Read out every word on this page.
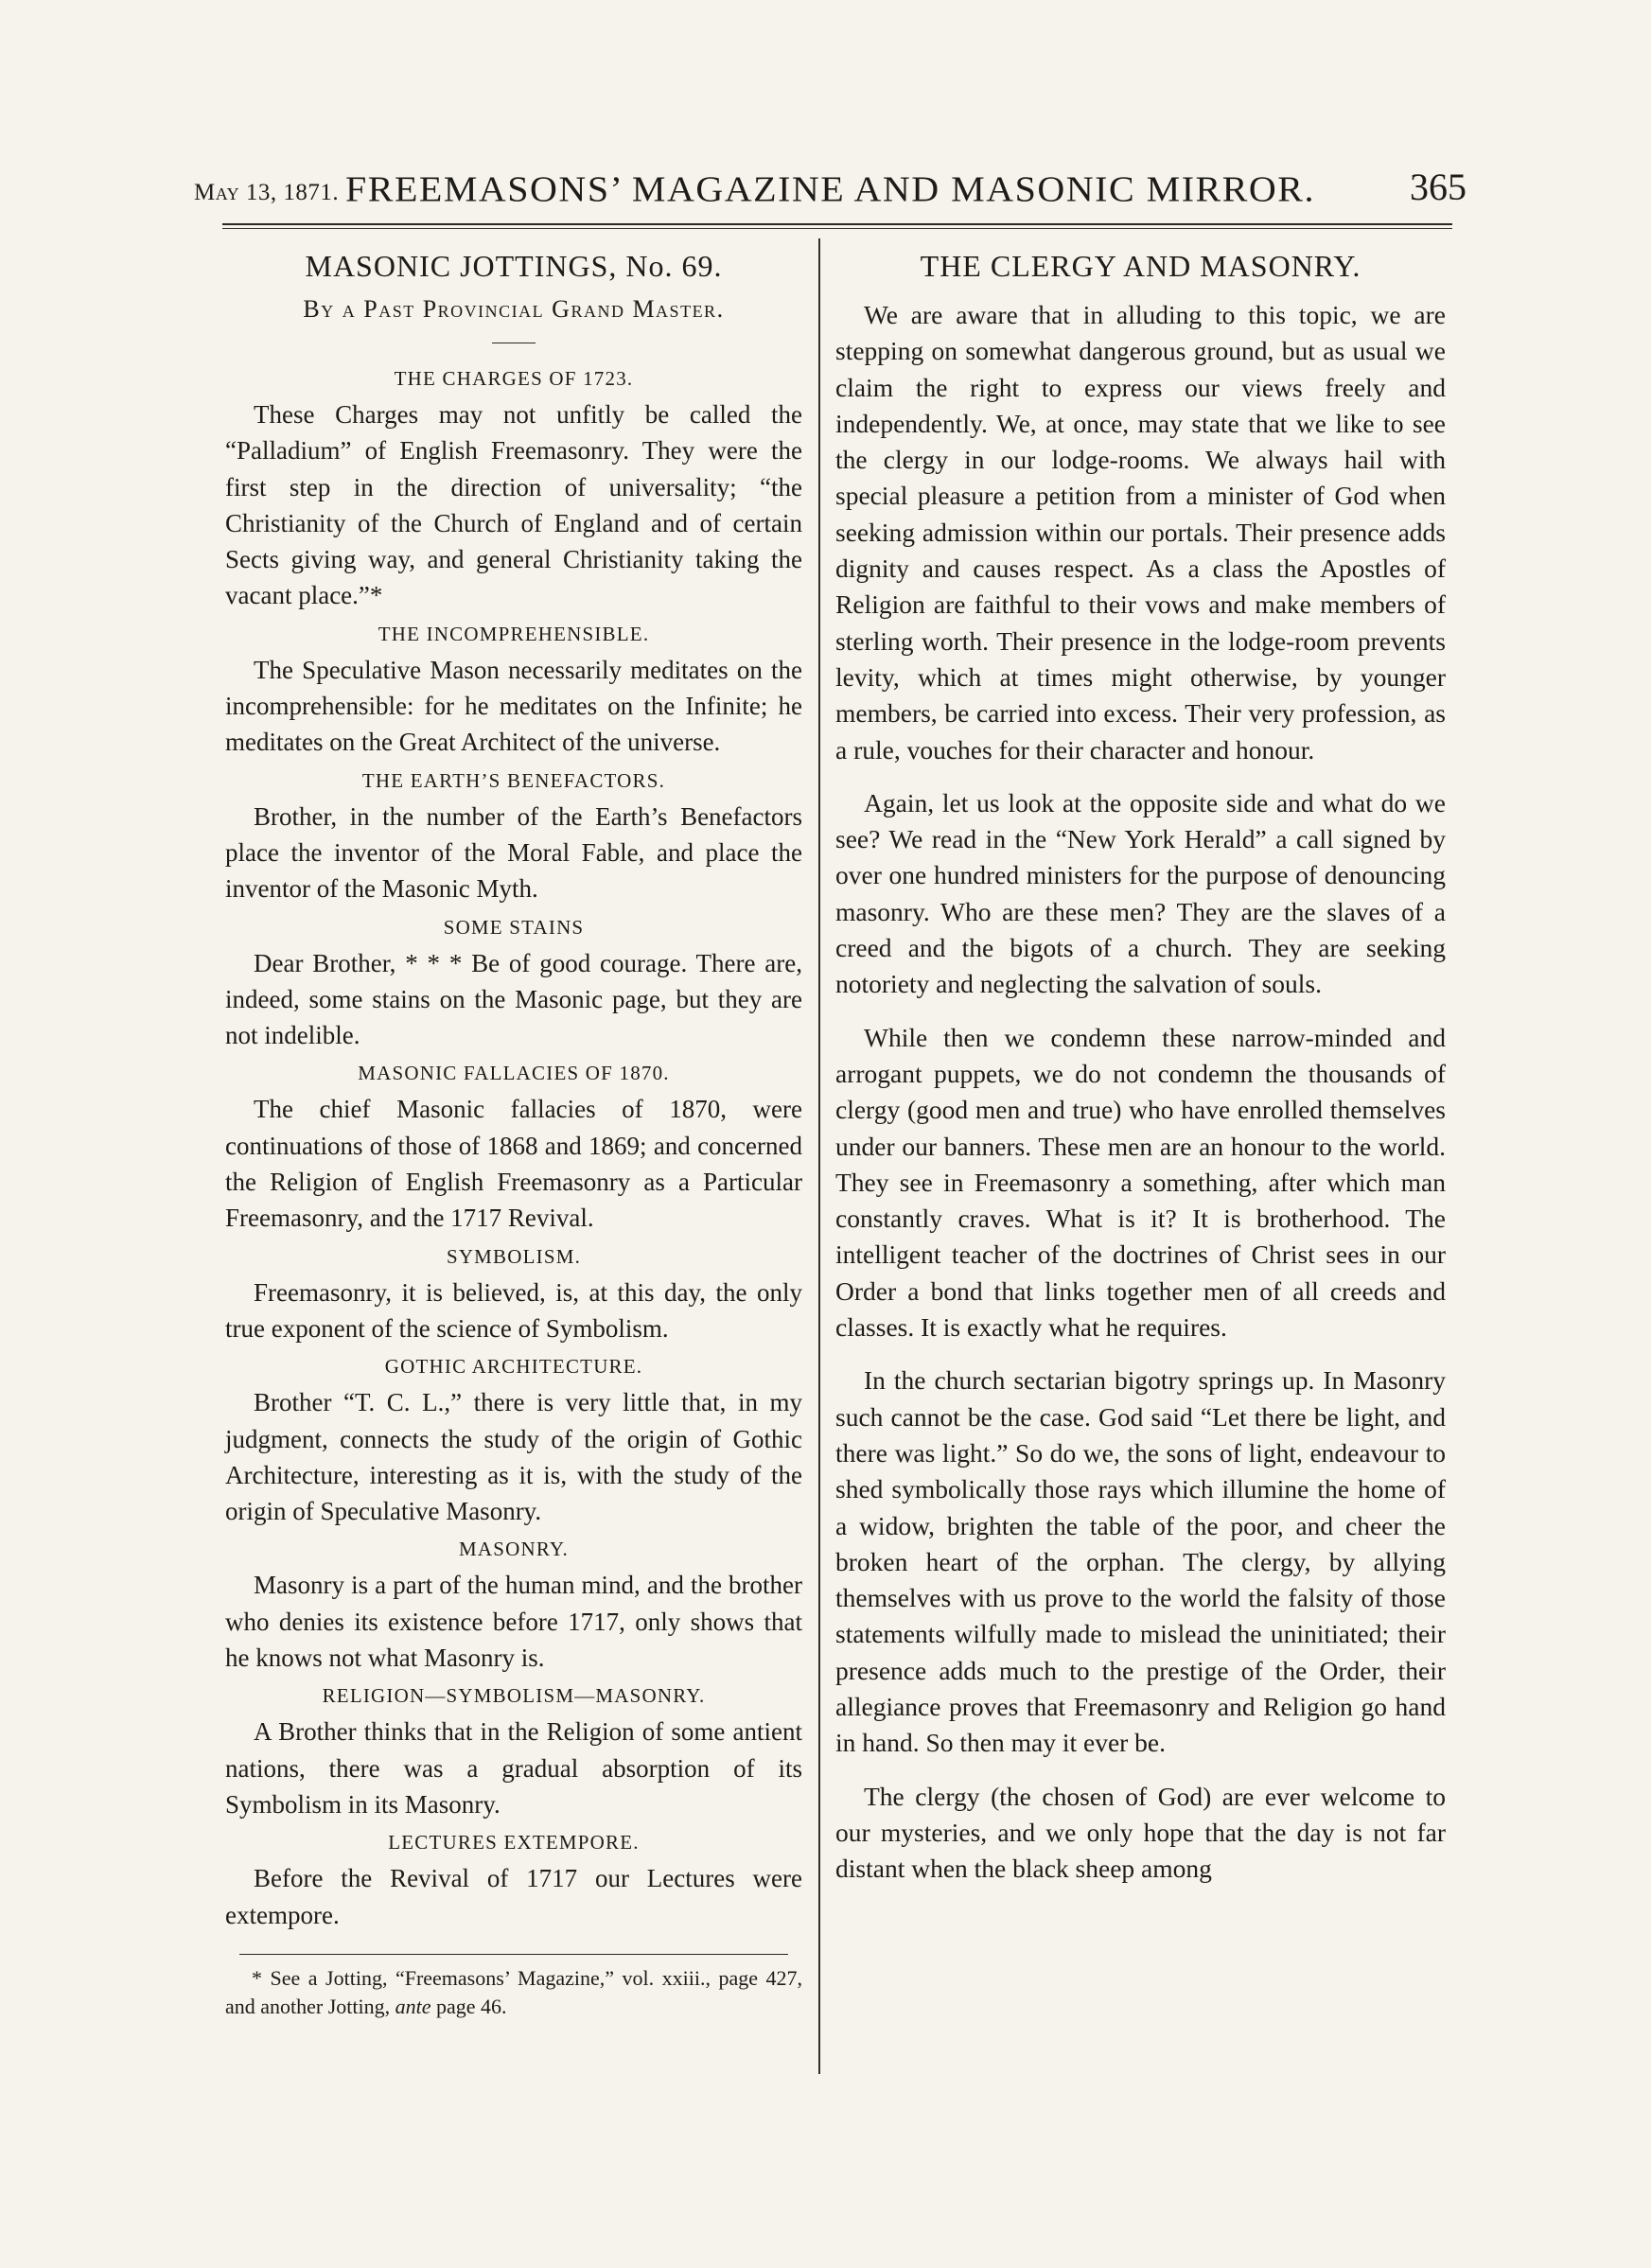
May 13, 1871. FREEMASONS’ MAGAZINE AND MASONIC MIRROR.	365
MASONIC JOTTINGS, No. 69.
By a Past Provincial Grand Master.
THE CHARGES OF 1723.

These Charges may not unfitly be called the “Palladium” of English Freemasonry. They were the first step in the direction of universality; “the Christianity of the Church of England and of certain Sects giving way, and general Christianity taking the vacant place.”*

THE INCOMPREHENSIBLE.

The Speculative Mason necessarily meditates on the incomprehensible: for he meditates on the Infinite; he meditates on the Great Architect of the universe.

THE EARTH’S BENEFACTORS.

Brother, in the number of the Earth’s Benefactors place the inventor of the Moral Fable, and place the inventor of the Masonic Myth.

SOME STAINS

Dear Brother, * * * Be of good courage. There are, indeed, some stains on the Masonic page, but they are not indelible.

MASONIC FALLACIES OF 1870.

The chief Masonic fallacies of 1870, were continuations of those of 1868 and 1869; and concerned the Religion of English Freemasonry as a Particular Freemasonry, and the 1717 Revival.

SYMBOLISM.

Freemasonry, it is believed, is, at this day, the only true exponent of the science of Symbolism.

GOTHIC ARCHITECTURE.

Brother “T. C. L.,” there is very little that, in my judgment, connects the study of the origin of Gothic Architecture, interesting as it is, with the study of the origin of Speculative Masonry.

MASONRY.

Masonry is a part of the human mind, and the brother who denies its existence before 1717, only shows that he knows not what Masonry is.

RELIGION—SYMBOLISM—MASONRY.

A Brother thinks that in the Religion of some antient nations, there was a gradual absorption of its Symbolism in its Masonry.

LECTURES EXTEMPORE.

Before the Revival of 1717 our Lectures were extempore.

* See a Jotting, “Freemasons’ Magazine,” vol. xxiii., page 427, and another Jotting, ante page 46.

THE CLERGY AND MASONRY.

We are aware that in alluding to this topic, we are stepping on somewhat dangerous ground, but as usual we claim the right to express our views freely and independently. We, at once, may state that we like to see the clergy in our lodge-rooms. We always hail with special pleasure a petition from a minister of God when seeking admission within our portals. Their presence adds dignity and causes respect. As a class the Apostles of Religion are faithful to their vows and make members of sterling worth. Their presence in the lodge-room prevents levity, which at times might otherwise, by younger members, be carried into excess. Their very profession, as a rule, vouches for their character and honour.

Again, let us look at the opposite side and what do we see? We read in the “New York Herald” a call signed by over one hundred ministers for the purpose of denouncing masonry. Who are these men? They are the slaves of a creed and the bigots of a church. They are seeking notoriety and neglecting the salvation of souls.

While then we condemn these narrow-minded and arrogant puppets, we do not condemn the thousands of clergy (good men and true) who have enrolled themselves under our banners. These men are an honour to the world. They see in Freemasonry a something, after which man constantly craves. What is it? It is brotherhood. The intelligent teacher of the doctrines of Christ sees in our Order a bond that links together men of all creeds and classes. It is exactly what he requires.

In the church sectarian bigotry springs up. In Masonry such cannot be the case. God said “Let there be light, and there was light.” So do we, the sons of light, endeavour to shed symbolically those rays which illumine the home of a widow, brighten the table of the poor, and cheer the broken heart of the orphan. The clergy, by allying themselves with us prove to the world the falsity of those statements wilfully made to mislead the uninitiated; their presence adds much to the prestige of the Order, their allegiance proves that Freemasonry and Religion go hand in hand. So then may it ever be.

The clergy (the chosen of God) are ever welcome to our mysteries, and we only hope that the day is not far distant when the black sheep among
